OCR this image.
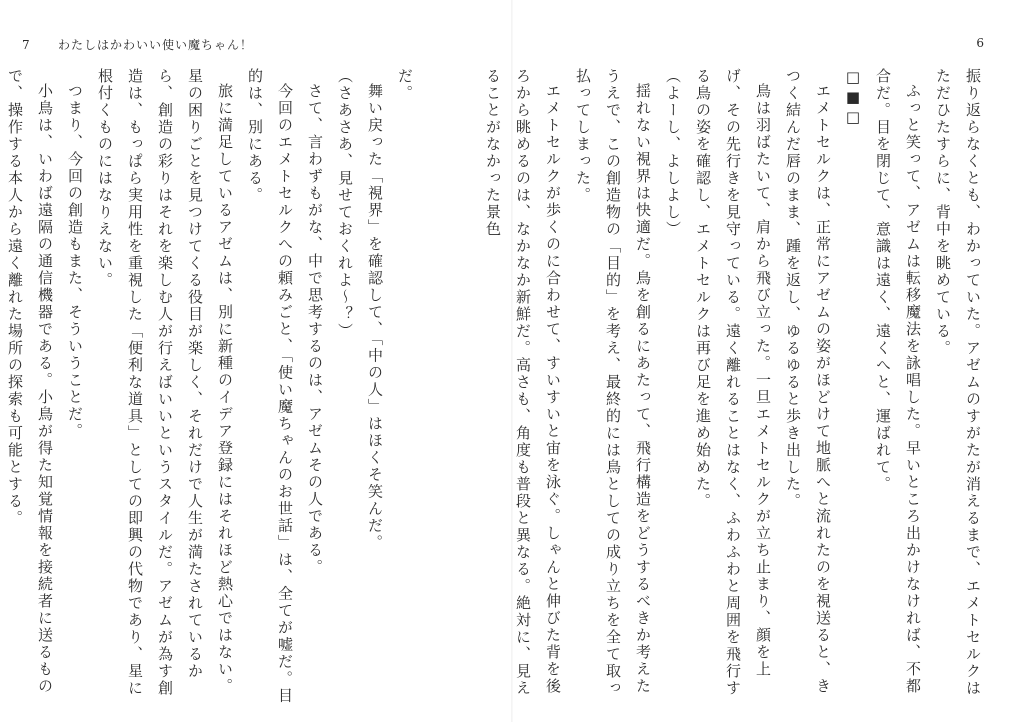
7 わたしはかわいい使い魔ちゃん！

だ。

舞い戻った「視界」を確認して、「中の人」はほくそ笑んだ。

（さあさあ、見せておくれよ～？）

さて、言わずもがな、中で思考するのは、アゼムその人である。

今回のエメトセルクへの頼みごと、「使い魔ちゃんのお世話」は、全てが嘘だ。目的は、別にある。

旅に満足しているアゼムは、別に新種のイデア登録にはそれほど熱心ではない。星の困りごとを見つけてくる役目が楽しく、それだけで人生が満たされているから、創造の彩りはそれを楽しむ人が行えばいいというスタイルだ。アゼムが為す創造は、もっぱら実用性を重視した「便利な道具」としての即興の代物であり、星に根付くものにはなりえない。

つまり、今回の創造もまた、そういうことだ。

小鳥は、いわば遠隔の通信機器である。小鳥が得た知覚情報を接続者に送るもので、操作する本人から遠く離れた場所の探索も可能とする。

6

振り返らなくとも、わかっていた。アゼムのすがたが消えるまで、エメトセルクはただひたすらに、背中を眺めている。

ふっと笑って、アゼムは転移魔法を詠唱した。早いところ出かけなければ、不都合だ。目を閉じて、意識は遠く、遠くへと、運ばれて。

□■□

エメトセルクは、正常にアゼムの姿がほどけて地脈へと流れたのを視送ると、きつく結んだ唇のまま、踵を返し、ゆるゆると歩き出した。

鳥は羽ばたいて、肩から飛び立った。一旦エメトセルクが立ち止まり、顔を上げ、その先行きを見守っている。遠く離れることはなく、ふわふわと周囲を飛行する鳥の姿を確認し、エメトセルクは再び足を進め始めた。

（よーし、よしよし）

揺れない視界は快適だ。鳥を創るにあたって、飛行構造をどうするべきか考えたうえで、この創造物の「目的」を考え、最終的には鳥としての成り立ちを全て取っ払ってしまった。

エメトセルクが歩くのに合わせて、すいすいと宙を泳ぐ。しゃんと伸びた背を後ろから眺めるのは、なかなか新鮮だ。高さも、角度も普段と異なる。絶対に、見えることがなかった景色
